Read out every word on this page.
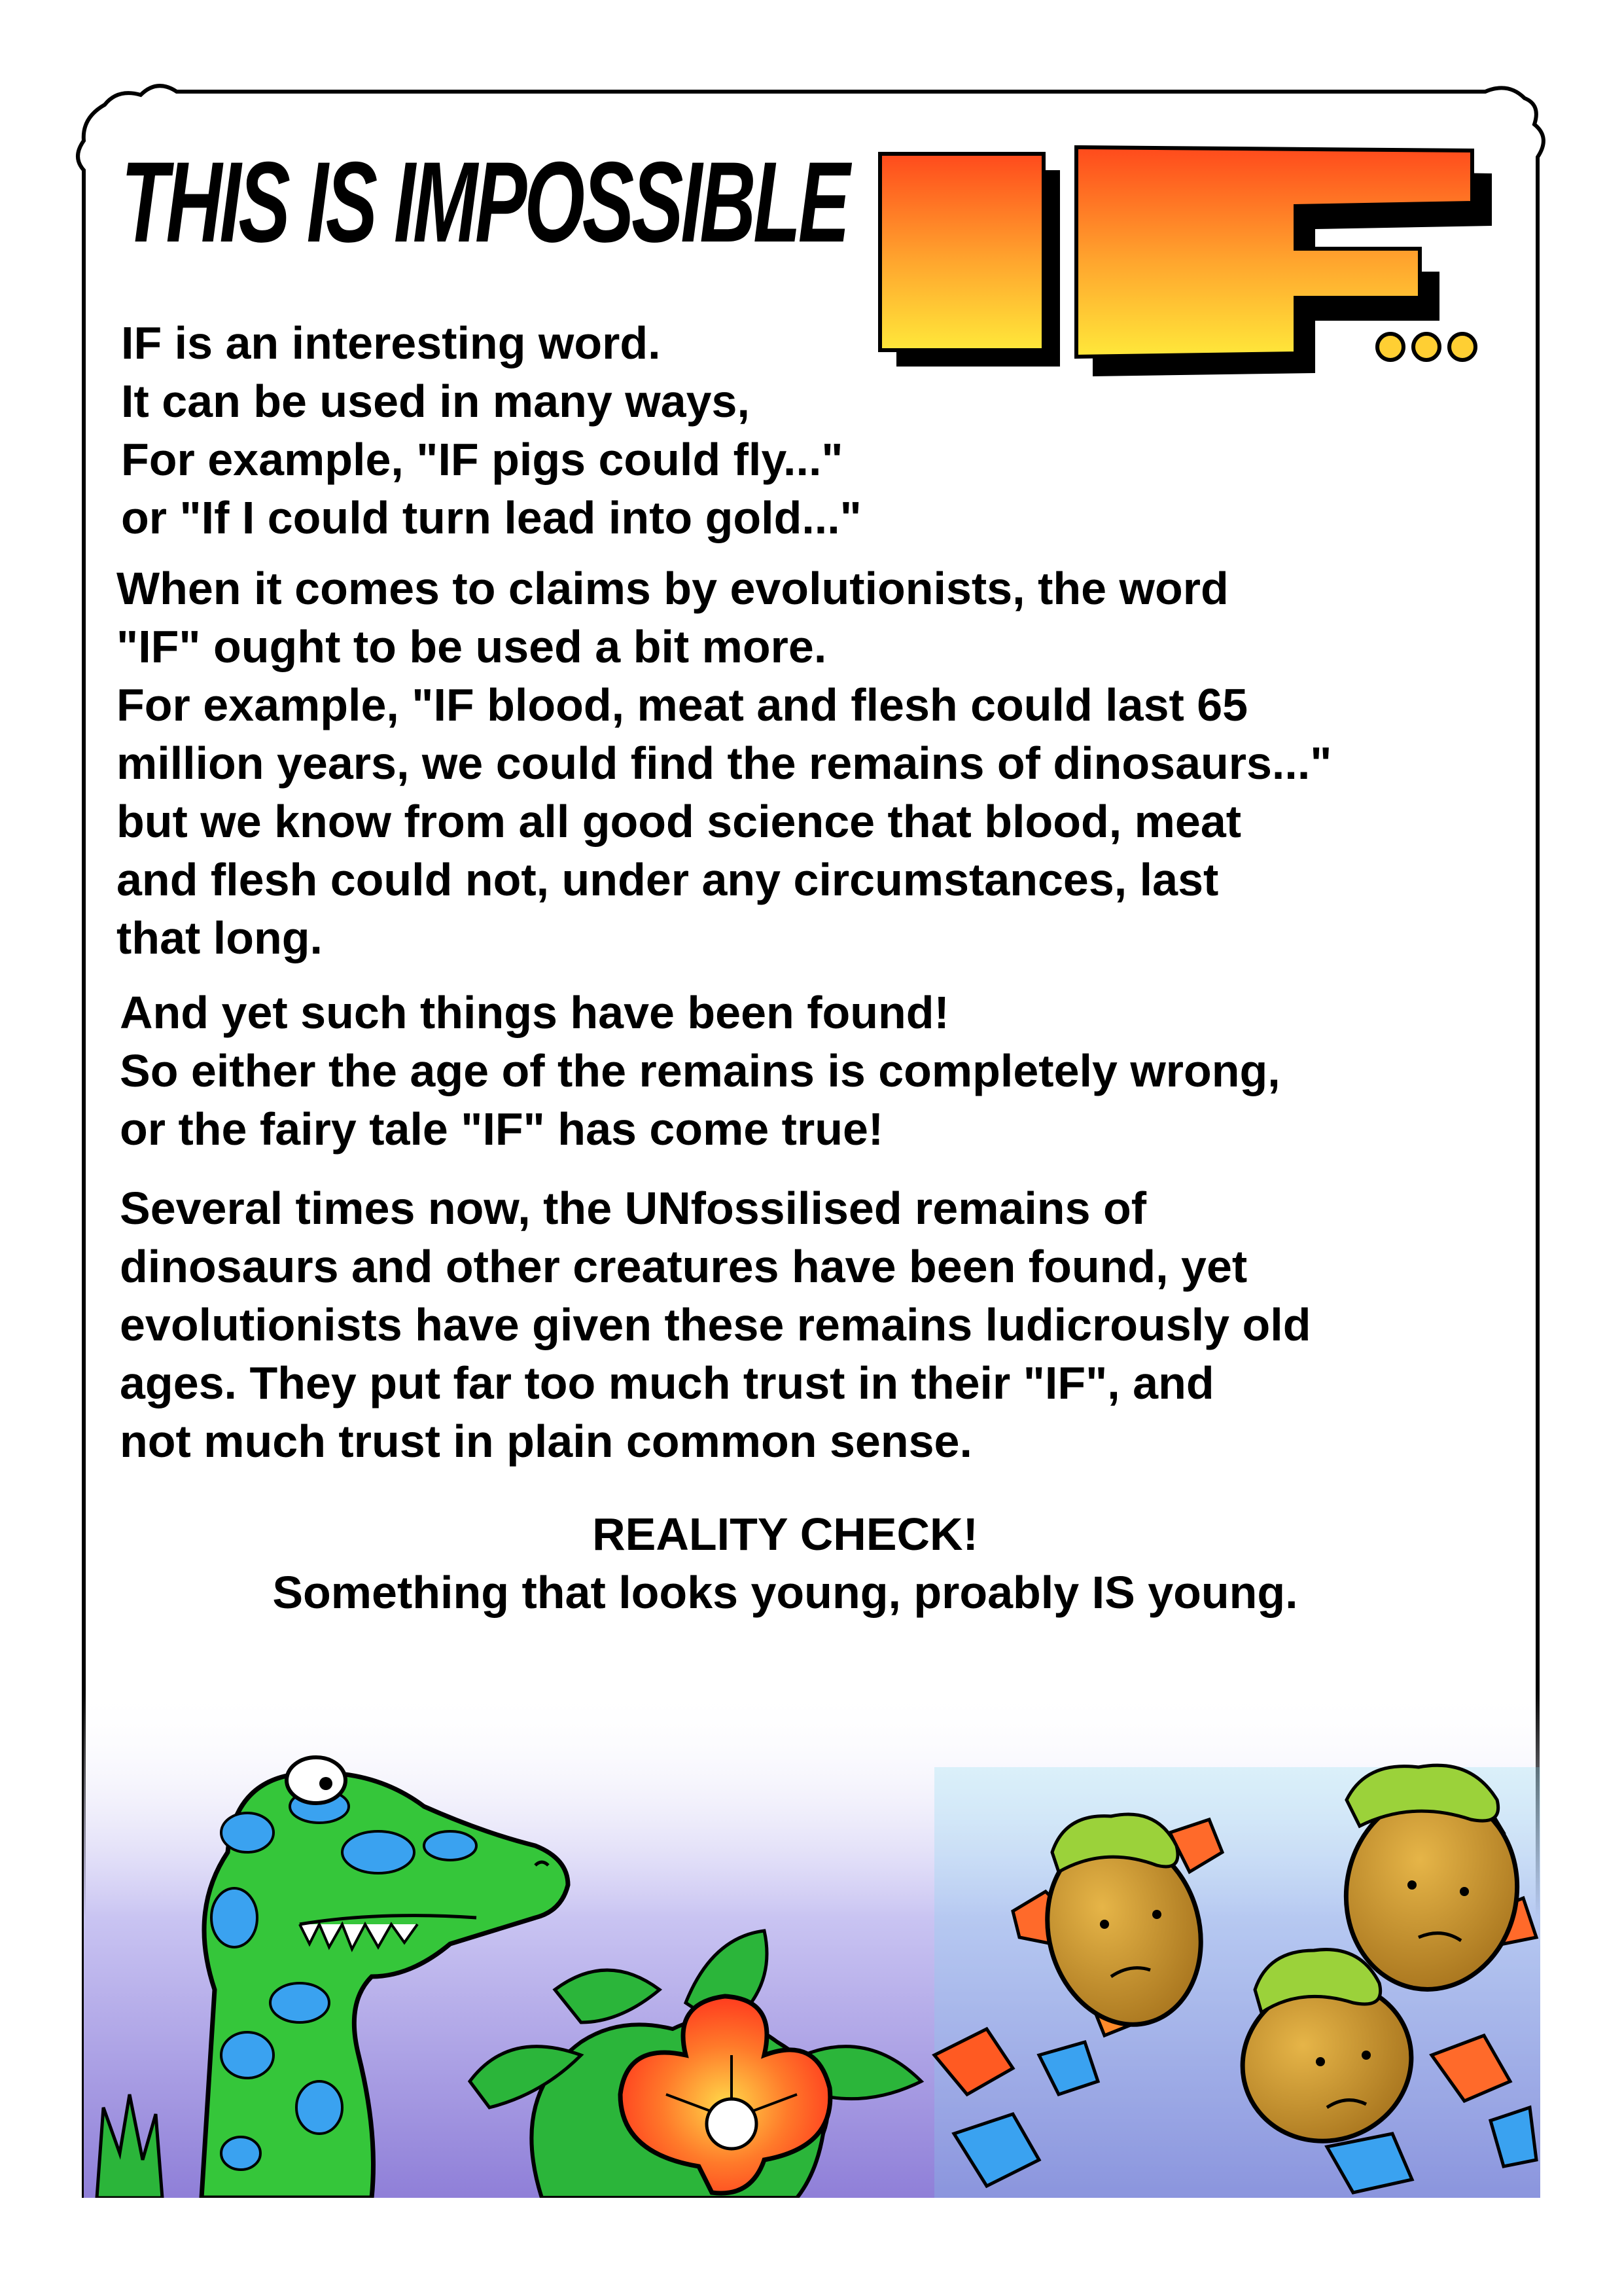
THIS IS IMPOSSIBLE
IF is an interesting word.
It can be used in many ways,
For example, "IF pigs could fly..."
or "If I could turn lead into gold..."
When it comes to claims by evolutionists, the word
"IF" ought to be used a bit more.
For example, "IF blood, meat and flesh could last 65
million years, we could find the remains of dinosaurs..."
but we know from all good science that blood, meat
and flesh could not, under any circumstances, last
that long.
And yet such things have been found!
So either the age of the remains is completely wrong,
or the fairy tale "IF" has come true!
Several times now, the UNfossilised remains of
dinosaurs and other creatures have been found, yet
evolutionists have given these remains ludicrously old
ages. They put far too much trust in their "IF", and
not much trust in plain common sense.
REALITY CHECK!
Something that looks young, proably IS young.
